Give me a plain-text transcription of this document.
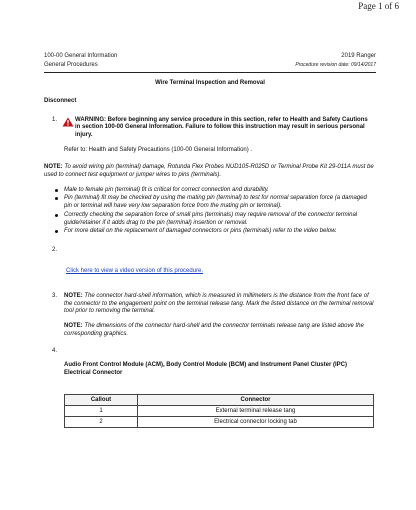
Page 1 of 6
100-00 General Information	2019 Ranger
General Procedures	Procedure revision date: 09/14/2017
Wire Terminal Inspection and Removal
Disconnect
1.	WARNING: Before beginning any service procedure in this section, refer to Health and Safety Cautions in section 100-00 General Information. Failure to follow this instruction may result in serious personal injury.
Refer to: Health and Safety Precautions (100-00 General Information) .
NOTE: To avoid wiring pin (terminal) damage, Rotunda Flex Probes NUD105-R025D or Terminal Probe Kit 29-011A must be used to connect test equipment or jumper wires to pins (terminals).
Male to female pin (terminal) fit is critical for correct connection and durability.
Pin (terminal) fit may be checked by using the mating pin (terminal) to test for normal separation force (a damaged pin or terminal will have very low separation force from the mating pin or terminal).
Correctly checking the separation force of small pins (terminals) may require removal of the connector terminal guide/retainer if it adds drag to the pin (terminal) insertion or removal.
For more detail on the replacement of damaged connectors or pins (terminals) refer to the video below.
2.
Click here to view a video version of this procedure.
3. NOTE: The connector hard-shell information, which is measured in millimeters is the distance from the front face of the connector to the engagement point on the terminal release tang. Mark the listed distance on the terminal removal tool prior to removing the terminal.
NOTE: The dimensions of the connector hard-shell and the connector terminals release tang are listed above the corresponding graphics.
4.
Audio Front Control Module (ACM), Body Control Module (BCM) and Instrument Panel Cluster (IPC) Electrical Connector
Callout	Connector
1	External terminal release tang
2	Electrical connector locking tab
